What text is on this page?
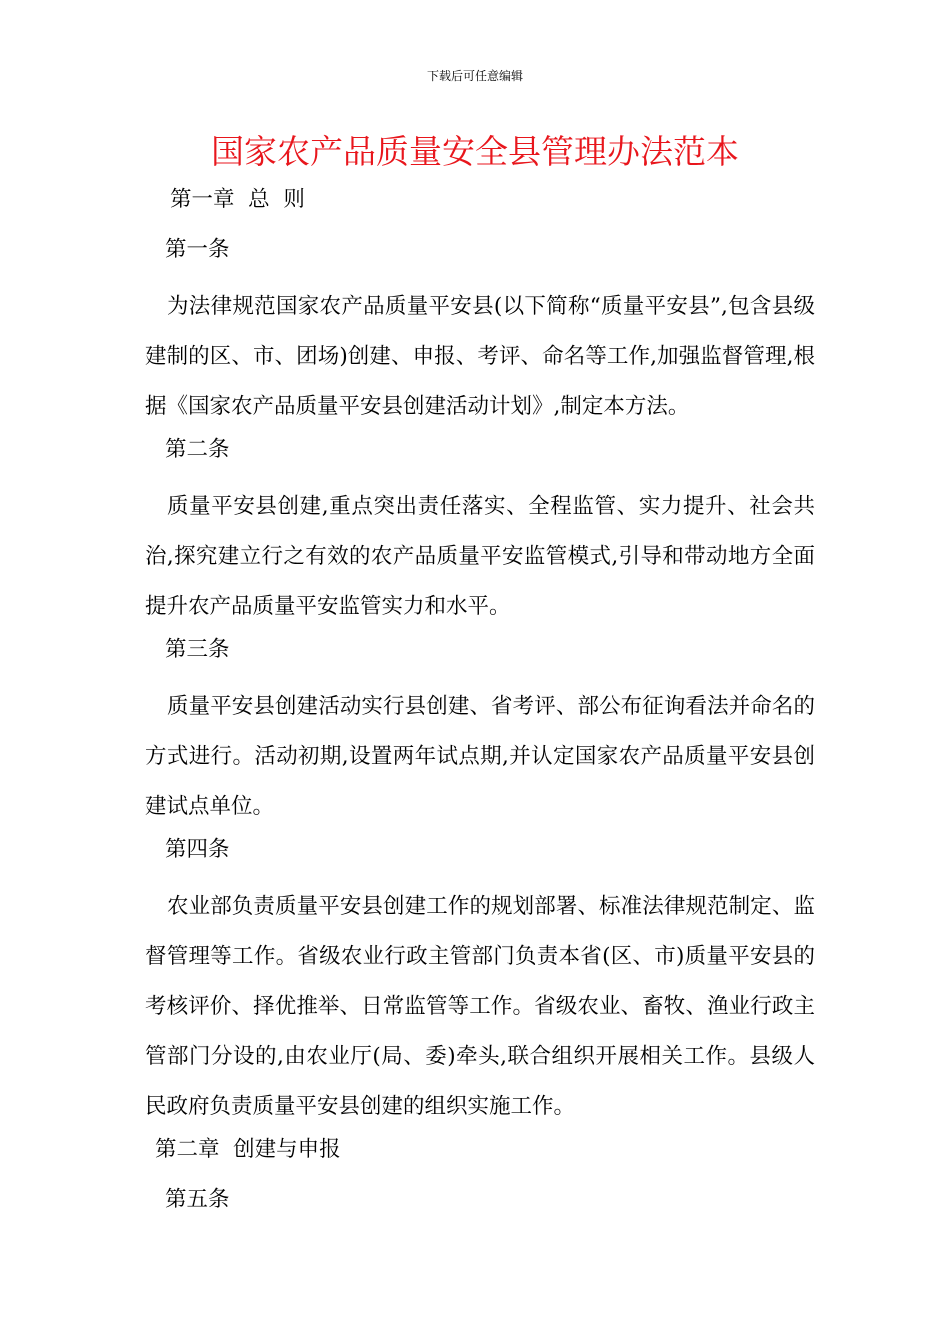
下载后可任意编辑
国家农产品质量安全县管理办法范本
第一章  总  则
第一条

为法律规范国家农产品质量平安县(以下简称“质量平安县”,包含县级建制的区、市、团场)创建、申报、考评、命名等工作,加强监督管理,根据《国家农产品质量平安县创建活动计划》,制定本方法。

第二条

质量平安县创建,重点突出责任落实、全程监管、实力提升、社会共治,探究建立行之有效的农产品质量平安监管模式,引导和带动地方全面提升农产品质量平安监管实力和水平。

第三条

质量平安县创建活动实行县创建、省考评、部公布征询看法并命名的方式进行。活动初期,设置两年试点期,并认定国家农产品质量平安县创建试点单位。

第四条

农业部负责质量平安县创建工作的规划部署、标准法律规范制定、监督管理等工作。省级农业行政主管部门负责本省(区、市)质量平安县的考核评价、择优推举、日常监管等工作。省级农业、畜牧、渔业行政主管部门分设的,由农业厅(局、委)牵头,联合组织开展相关工作。县级人民政府负责质量平安县创建的组织实施工作。

第二章  创建与申报
第五条
